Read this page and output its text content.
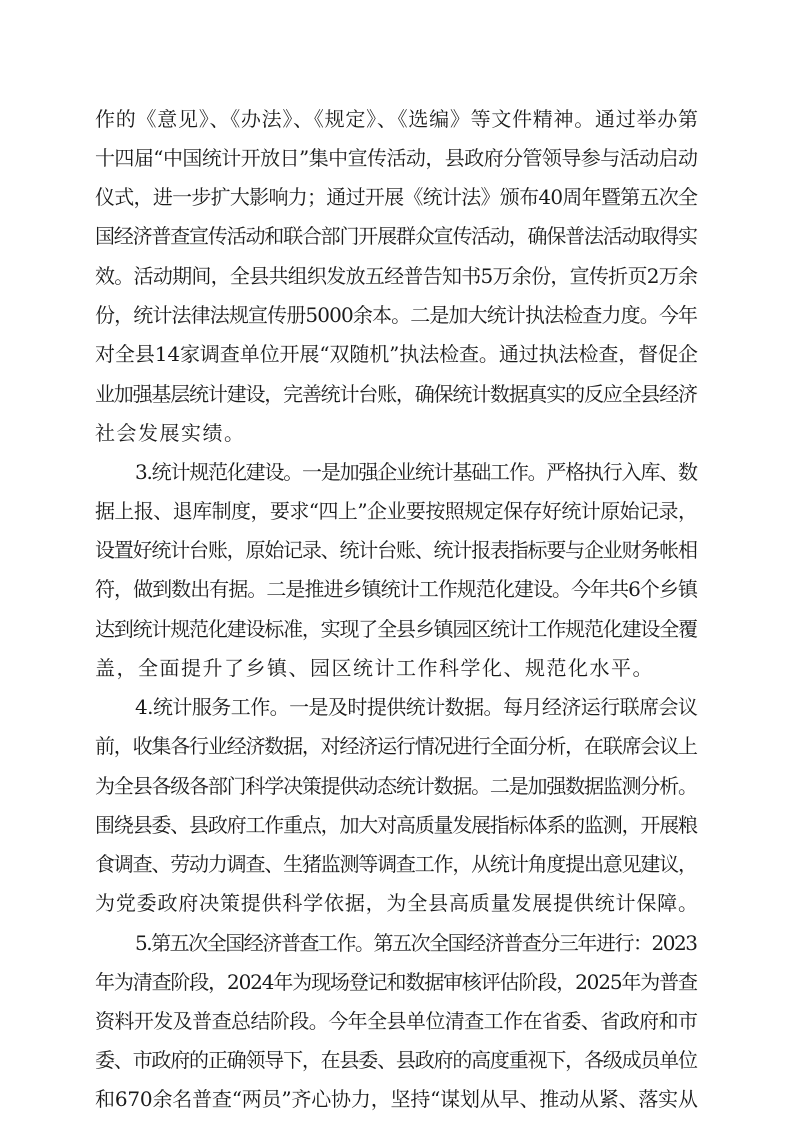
作的《意见》、《办法》、《规定》、《选编》等文件精神。通过举办第
十四届“中国统计开放日”集中宣传活动，县政府分管领导参与活动启动
仪式，进一步扩大影响力；通过开展《统计法》颁布40周年暨第五次全
国经济普查宣传活动和联合部门开展群众宣传活动，确保普法活动取得实
效。活动期间，全县共组织发放五经普告知书5万余份，宣传折页2万余
份，统计法律法规宣传册5000余本。二是加大统计执法检查力度。今年
对全县14家调查单位开展“双随机”执法检查。通过执法检查，督促企
业加强基层统计建设，完善统计台账，确保统计数据真实的反应全县经济
社会发展实绩。
3.统计规范化建设。一是加强企业统计基础工作。严格执行入库、数
据上报、退库制度，要求“四上”企业要按照规定保存好统计原始记录，
设置好统计台账，原始记录、统计台账、统计报表指标要与企业财务帐相
符，做到数出有据。二是推进乡镇统计工作规范化建设。今年共6个乡镇
达到统计规范化建设标准，实现了全县乡镇园区统计工作规范化建设全覆
盖，全面提升了乡镇、园区统计工作科学化、规范化水平。
4.统计服务工作。一是及时提供统计数据。每月经济运行联席会议
前，收集各行业经济数据，对经济运行情况进行全面分析，在联席会议上
为全县各级各部门科学决策提供动态统计数据。二是加强数据监测分析。
围绕县委、县政府工作重点，加大对高质量发展指标体系的监测，开展粮
食调查、劳动力调查、生猪监测等调查工作，从统计角度提出意见建议，
为党委政府决策提供科学依据，为全县高质量发展提供统计保障。
5.第五次全国经济普查工作。第五次全国经济普查分三年进行：2023
年为清查阶段，2024年为现场登记和数据审核评估阶段，2025年为普查
资料开发及普查总结阶段。今年全县单位清查工作在省委、省政府和市
委、市政府的正确领导下，在县委、县政府的高度重视下，各级成员单位
和670余名普查“两员”齐心协力，坚持“谋划从早、推动从紧、落实从
